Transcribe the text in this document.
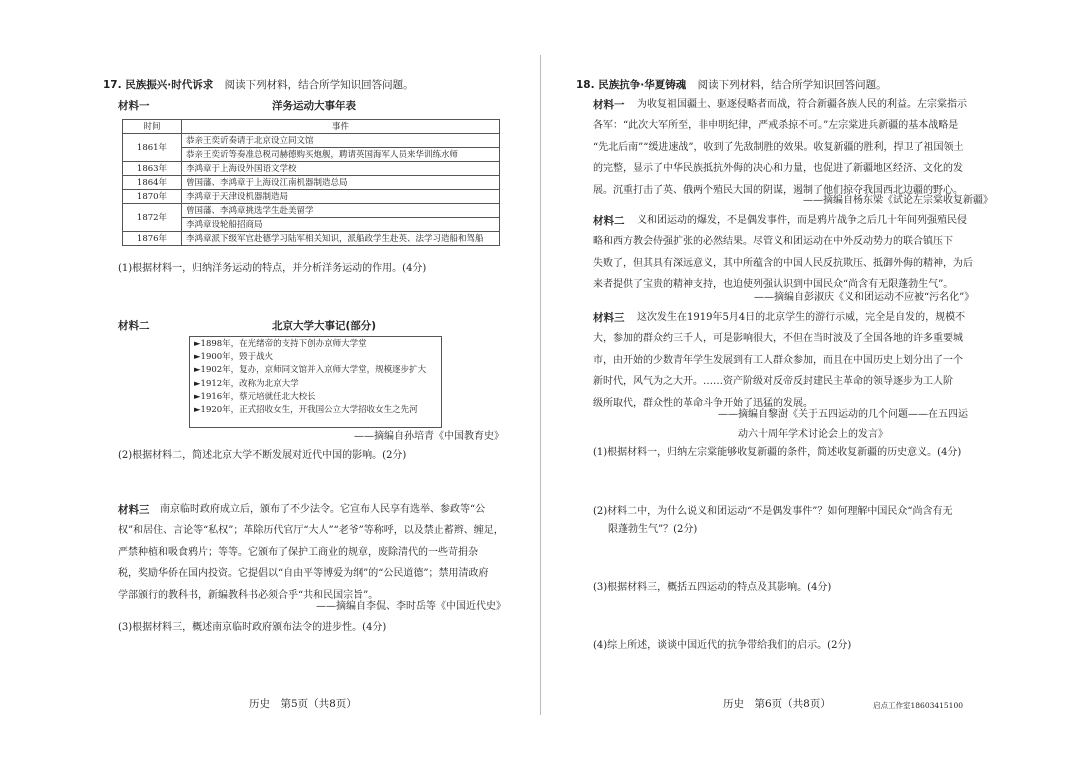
17. 民族振兴·时代诉求 阅读下列材料，结合所学知识回答问题。
材料一	洋务运动大事年表
时间	事件
1861年	恭亲王奕䜣奏请于北京设立同文馆
	恭亲王奕䜣等奏准总税司赫德购买炮舰，聘请英国海军人员来华训练水师
1863年	李鸿章于上海设外国语文学校
1864年	曾国藩、李鸿章于上海设江南机器制造总局
1870年	李鸿章于天津设机器制造局
1872年	曾国藩、李鸿章挑选学生赴美留学
	李鸿章设轮船招商局
1876年	李鸿章派下级军官赴德学习陆军相关知识，派船政学生赴英、法学习造船和驾船
(1)根据材料一，归纳洋务运动的特点，并分析洋务运动的作用。(4分)
材料二	北京大学大事记(部分)
►1898年，在光绪帝的支持下创办京师大学堂
►1900年，毁于战火
►1902年，复办，京师同文馆并入京师大学堂，规模逐步扩大
►1912年，改称为北京大学
►1916年，蔡元培就任北大校长
►1920年，正式招收女生，开我国公立大学招收女生之先河
——摘编自孙培青《中国教育史》
(2)根据材料二，简述北京大学不断发展对近代中国的影响。(2分)
材料三	南京临时政府成立后，颁布了不少法令。它宣布人民享有选举、参政等“公

权”和居住、言论等“私权”；革除历代官厅“大人”“老爷”等称呼，以及禁止蓄辫、缠足，

严禁种植和吸食鸦片；等等。它颁布了保护工商业的规章，废除清代的一些苛捐杂

税，奖励华侨在国内投资。它提倡以“自由平等博爱为纲”的“公民道德”；禁用清政府

学部颁行的教科书，新编教科书必须合乎“共和民国宗旨”。

——摘编自李侃、李时岳等《中国近代史》
(3)根据材料三，概述南京临时政府颁布法令的进步性。(4分)
历史　第5页（共8页）
18. 民族抗争·华夏铸魂 阅读下列材料，结合所学知识回答问题。
材料一	为收复祖国疆土、驱逐侵略者而战，符合新疆各族人民的利益。左宗棠指示

各军：“此次大军所至，非申明纪律，严戒杀掠不可。”左宗棠进兵新疆的基本战略是

“先北后南”“缓进速战”，收到了先敌制胜的效果。收复新疆的胜利，捍卫了祖国领土

的完整，显示了中华民族抵抗外侮的决心和力量，也促进了新疆地区经济、文化的发

展。沉重打击了英、俄两个殖民大国的阴谋，遏制了他们掠夺我国西北边疆的野心。

——摘编自杨东梁《试论左宗棠收复新疆》
材料二	义和团运动的爆发，不是偶发事件，而是鸦片战争之后几十年间列强殖民侵

略和西方教会侍强扩张的必然结果。尽管义和团运动在中外反动势力的联合镇压下

失败了，但其具有深远意义，其中所蕴含的中国人民反抗欺压、抵御外侮的精神，为后

来者提供了宝贵的精神支持，也迫使列强认识到中国民众“尚含有无限蓬勃生气”。

——摘编自彭淑庆《义和团运动不应被“污名化”》
材料三	这次发生在1919年5月4日的北京学生的游行示威，完全是自发的，规模不

大，参加的群众约三千人，可是影响很大，不但在当时波及了全国各地的许多重要城

市，由开始的少数青年学生发展到有工人群众参加，而且在中国历史上划分出了一个

新时代，风气为之大开。……资产阶级对反帝反封建民主革命的领导逐步为工人阶

级所取代，群众性的革命斗争开始了迅猛的发展。

——摘编自黎澍《关于五四运动的几个问题——在五四运
动六十周年学术讨论会上的发言》
(1)根据材料一，归纳左宗棠能够收复新疆的条件，简述收复新疆的历史意义。(4分)
(2)材料二中，为什么说义和团运动“不是偶发事件”？如何理解中国民众“尚含有无
限蓬勃生气”？(2分)
(3)根据材料三，概括五四运动的特点及其影响。(4分)
(4)综上所述，谈谈中国近代的抗争带给我们的启示。(2分)
历史　第6页（共8页）	启点工作室18603415100
